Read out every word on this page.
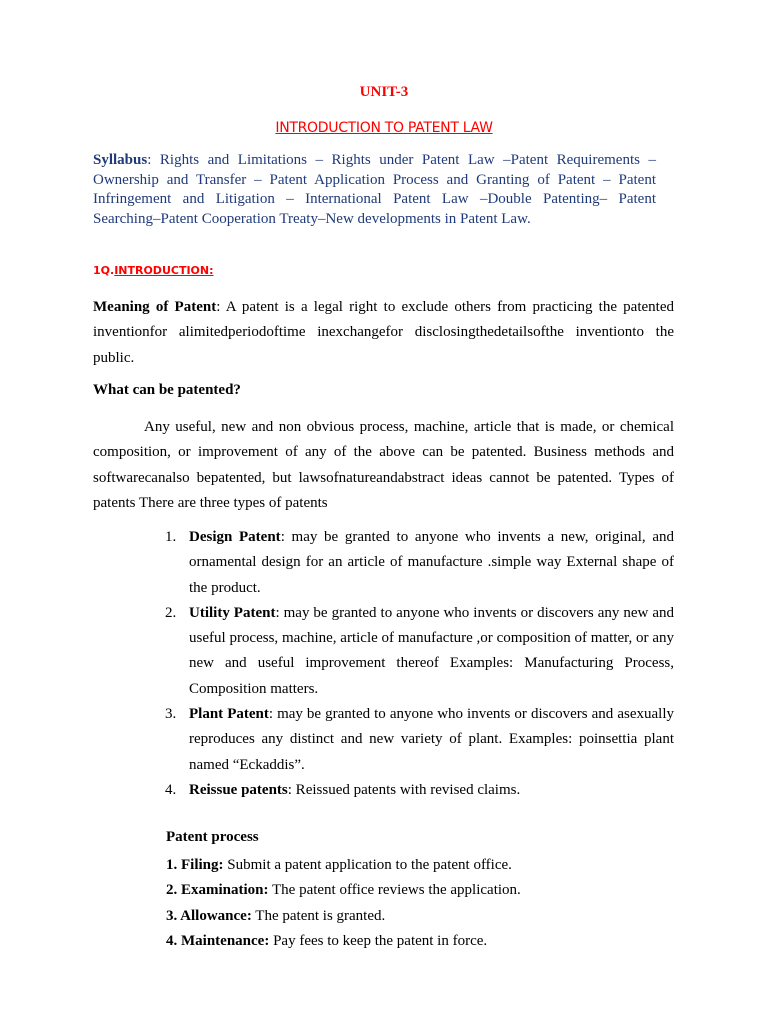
UNIT-3
INTRODUCTION TO PATENT LAW
Syllabus: Rights and Limitations – Rights under Patent Law –Patent Requirements – Ownership and Transfer – Patent Application Process and Granting of Patent – Patent Infringement and Litigation – International Patent Law –Double Patenting– Patent Searching–Patent Cooperation Treaty–New developments in Patent Law.
1Q.INTRODUCTION:
Meaning of Patent: A patent is a legal right to exclude others from practicing the patented inventionfor alimitedperiodoftime inexchangefor disclosingthedetailsofthe inventionto the public.
What can be patented?
Any useful, new and non obvious process, machine, article that is made, or chemical composition, or improvement of any of the above can be patented. Business methods and softwarecanalso bepatented, but lawsofnatureandabstract ideas cannot be patented. Types of patents There are three types of patents
1. Design Patent: may be granted to anyone who invents a new, original, and ornamental design for an article of manufacture .simple way External shape of the product.
2. Utility Patent: may be granted to anyone who invents or discovers any new and useful process, machine, article of manufacture ,or composition of matter, or any new and useful improvement thereof Examples: Manufacturing Process, Composition matters.
3. Plant Patent: may be granted to anyone who invents or discovers and asexually reproduces any distinct and new variety of plant. Examples: poinsettia plant named “Eckaddis”.
4. Reissue patents: Reissued patents with revised claims.
Patent process
1. Filing: Submit a patent application to the patent office.
2. Examination: The patent office reviews the application.
3. Allowance: The patent is granted.
4. Maintenance: Pay fees to keep the patent in force.
